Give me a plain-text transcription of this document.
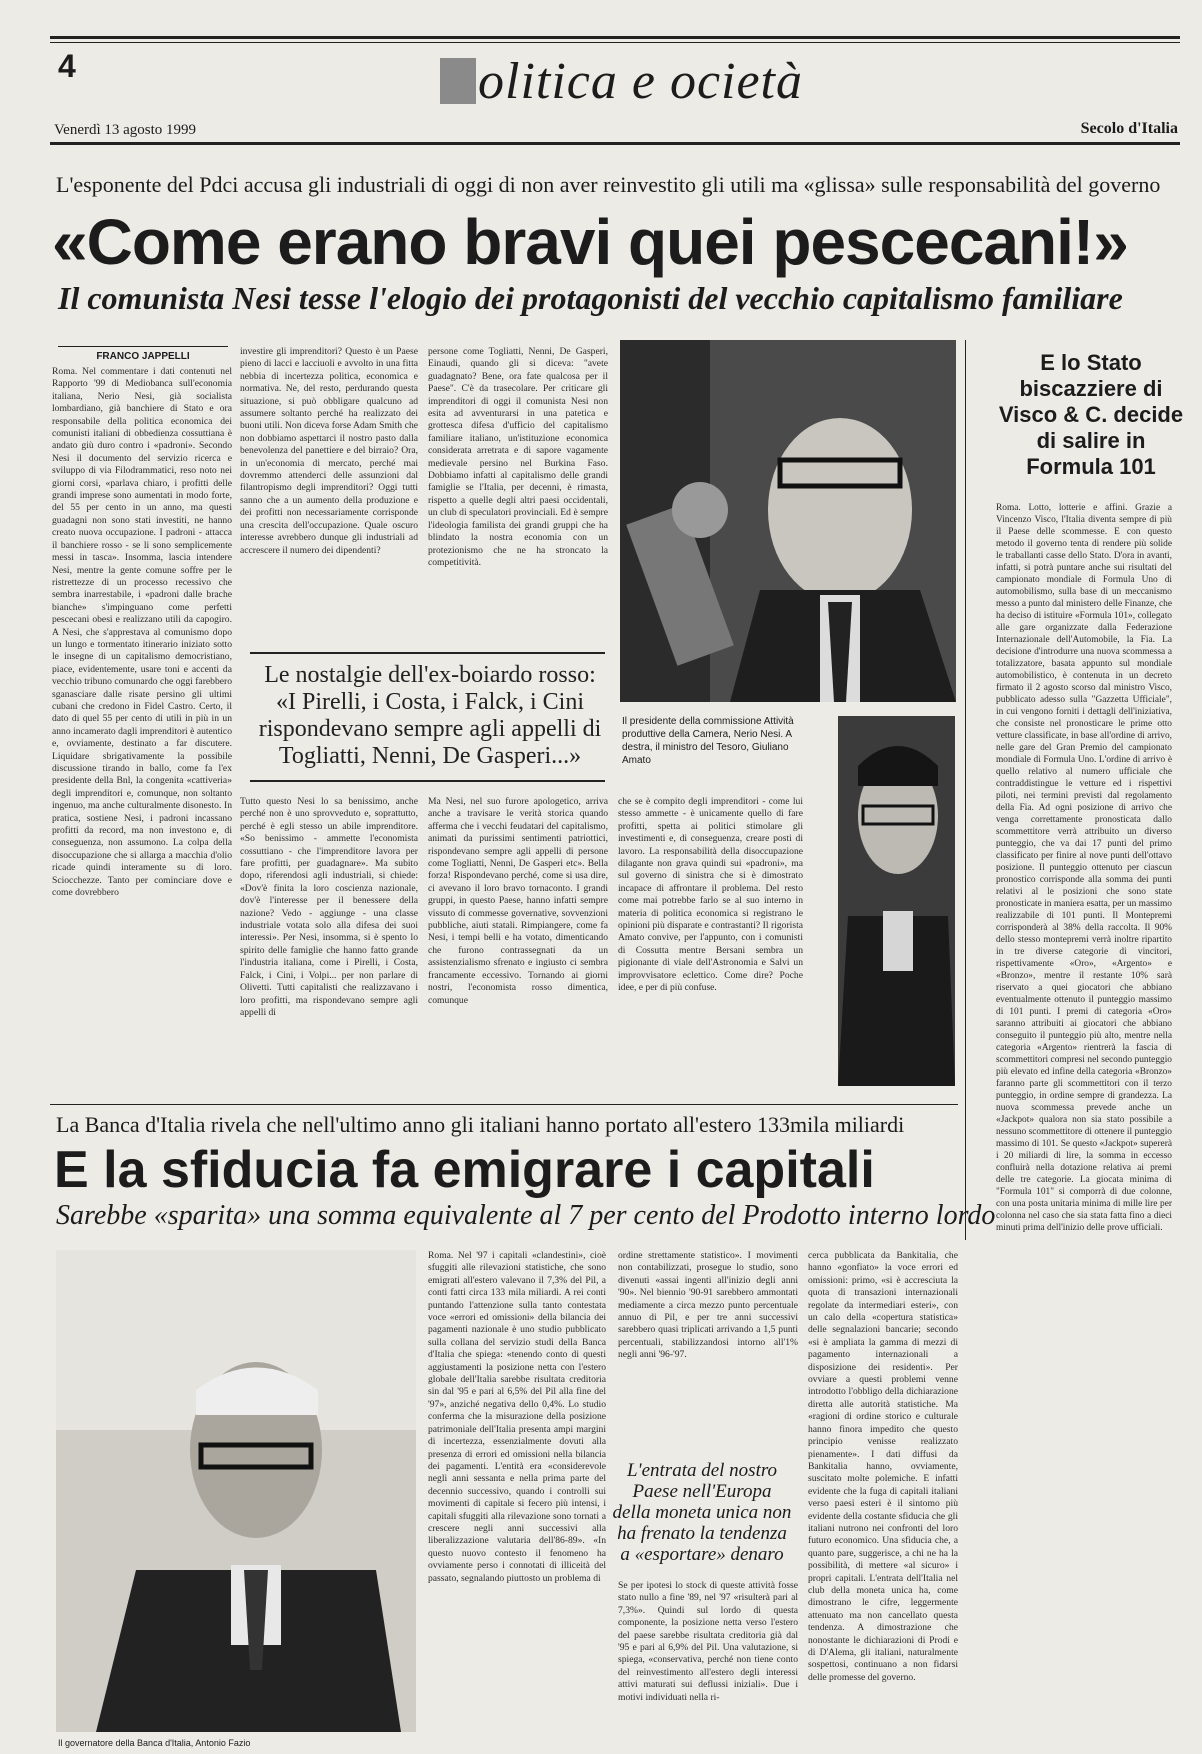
4	olitica e ocietà
Venerdì 13 agosto 1999	Secolo d'Italia
L'esponente del Pdci accusa gli industriali di oggi di non aver reinvestito gli utili ma «glissa» sulle responsabilità del governo
«Come erano bravi quei pescecani!»
Il comunista Nesi tesse l'elogio dei protagonisti del vecchio capitalismo familiare
FRANCO JAPPELLI
Roma. Nel commentare i dati contenuti nel Rapporto '99 di Mediobanca sull'economia italiana, Nerio Nesi, già socialista lombardiano, già banchiere di Stato e ora responsabile della politica economica dei comunisti italiani di obbedienza cossuttiana è andato giù duro contro i «padroni». Secondo Nesi il documento del servizio ricerca e sviluppo di via Filodrammatici, reso noto nei giorni corsi, «parlava chiaro, i profitti delle grandi imprese sono aumentati in modo forte, del 55 per cento in un anno, ma questi guadagni non sono stati investiti, ne hanno creato nuova occupazione. I padroni - attacca il banchiere rosso - se li sono semplicemente messi in tasca». Insomma, lascia intendere Nesi, mentre la gente comune soffre per le ristrettezze di un processo recessivo che sembra inarrestabile, i «padroni dalle brache bianche» s'impinguano come perfetti pescecani obesi e realizzano utili da capogiro. A Nesi, che s'apprestava al comunismo dopo un lungo e tormentato itinerario iniziato sotto le insegne di un capitalismo democristiano, piace, evidentemente, usare toni e accenti da vecchio tribuno comunardo che oggi farebbero sganasciare dalle risate persino gli ultimi cubani che credono in Fidel Castro. Certo, il dato di quel 55 per cento di utili in più in un anno incamerato dagli imprenditori è autentico e, ovviamente, destinato a far discutere. Liquidare sbrigativamente la possibile discussione tirando in ballo, come fa l'ex presidente della Bnl, la congenita «cattiveria» degli imprenditori e, comunque, non soltanto ingenuo, ma anche culturalmente disonesto. In pratica, sostiene Nesi, i padroni incassano profitti da record, ma non investono e, di conseguenza, non assumono. La colpa della disoccupazione che si allarga a macchia d'olio ricade quindi interamente su di loro. Sciocchezze. Tanto per cominciare dove e come dovrebbero
investire gli imprenditori? Questo è un Paese pieno di lacci e lacciuoli e avvolto in una fitta nebbia di incertezza politica, economica e normativa. Ne, del resto, perdurando questa situazione, si può obbligare qualcuno ad assumere soltanto perché ha realizzato dei buoni utili. Non diceva forse Adam Smith che non dobbiamo aspettarci il nostro pasto dalla benevolenza del panettiere e del birraio? Ora, in un'economia di mercato, perché mai dovremmo attenderci delle assunzioni dal filantropismo degli imprenditori? Oggi tutti sanno che a un aumento della produzione e dei profitti non necessariamente corrisponde una crescita dell'occupazione. Quale oscuro interesse avrebbero dunque gli industriali ad accrescere il numero dei dipendenti?
persone come Togliatti, Nenni, De Gasperi, Einaudi, quando gli si diceva: "avete guadagnato? Bene, ora fate qualcosa per il Paese". C'è da trasecolare. Per criticare gli imprenditori di oggi il comunista Nesi non esita ad avventurarsi in una patetica e grottesca difesa d'ufficio del capitalismo familiare italiano, un'istituzione economica considerata arretrata e di sapore vagamente medievale persino nel Burkina Faso. Dobbiamo infatti al capitalismo delle grandi famiglie se l'Italia, per decenni, è rimasta, rispetto a quelle degli altri paesi occidentali, un club di speculatori provinciali. Ed è sempre l'ideologia familista dei grandi gruppi che ha blindato la nostra economia con un protezionismo che ne ha stroncato la competitività.
Le nostalgie dell'ex-boiardo rosso: «I Pirelli, i Costa, i Falck, i Cini rispondevano sempre agli appelli di Togliatti, Nenni, De Gasperi...»
Tutto questo Nesi lo sa benissimo, anche perché non è uno sprovveduto e, soprattutto, perché è egli stesso un abile imprenditore. «So benissimo - ammette l'economista cossuttiano - che l'imprenditore lavora per fare profitti, per guadagnare». Ma subito dopo, riferendosi agli industriali, si chiede: «Dov'è finita la loro coscienza nazionale, dov'è l'interesse per il benessere della nazione? Vedo - aggiunge - una classe industriale votata solo alla difesa dei suoi interessi». Per Nesi, insomma, si è spento lo spirito delle famiglie che hanno fatto grande l'industria italiana, come i Pirelli, i Costa, Falck, i Cini, i Volpi... per non parlare di Olivetti. Tutti capitalisti che realizzavano i loro profitti, ma rispondevano sempre agli appelli di
Ma Nesi, nel suo furore apologetico, arriva anche a travisare le verità storica quando afferma che i vecchi feudatari del capitalismo, animati da purissimi sentimenti patriottici, rispondevano sempre agli appelli di persone come Togliatti, Nenni, De Gasperi etc». Bella forza! Rispondevano perché, come si usa dire, ci avevano il loro bravo tornaconto. I grandi gruppi, in questo Paese, hanno infatti sempre vissuto di commesse governative, sovvenzioni pubbliche, aiuti statali. Rimpiangere, come fa Nesi, i tempi belli e ha votato, dimenticando che furono contrassegnati da un assistenzialismo sfrenato e ingiusto ci sembra francamente eccessivo. Tornando ai giorni nostri, l'economista rosso dimentica, comunque
che se è compito degli imprenditori - come lui stesso ammette - è unicamente quello di fare profitti, spetta ai politici stimolare gli investimenti e, di conseguenza, creare posti di lavoro. La responsabilità della disoccupazione dilagante non grava quindi sui «padroni», ma sul governo di sinistra che si è dimostrato incapace di affrontare il problema. Del resto come mai potrebbe farlo se al suo interno in materia di politica economica si registrano le opinioni più disparate e contrastanti? Il rigorista Amato convive, per l'appunto, con i comunisti di Cossutta mentre Bersani sembra un pigionante di viale dell'Astronomia e Salvi un improvvisatore eclettico. Come dire? Poche idee, e per di più confuse.
Il presidente della commissione Attività produttive della Camera, Nerio Nesi. A destra, il ministro del Tesoro, Giuliano Amato
E lo Stato biscazziere di Visco & C. decide di salire in Formula 101
Roma. Lotto, lotterie e affini. Grazie a Vincenzo Visco, l'Italia diventa sempre di più il Paese delle scommesse. E con questo metodo il governo tenta di rendere più solide le traballanti casse dello Stato. D'ora in avanti, infatti, si potrà puntare anche sui risultati del campionato mondiale di Formula Uno di automobilismo, sulla base di un meccanismo messo a punto dal ministero delle Finanze, che ha deciso di istituire «Formula 101», collegato alle gare organizzate dalla Federazione Internazionale dell'Automobile, la Fia. La decisione d'introdurre una nuova scommessa a totalizzatore, basata appunto sul mondiale automobilistico, è contenuta in un decreto firmato il 2 agosto scorso dal ministro Visco, pubblicato adesso sulla "Gazzetta Ufficiale", in cui vengono forniti i dettagli dell'iniziativa, che consiste nel pronosticare le prime otto vetture classificate, in base all'ordine di arrivo, nelle gare del Gran Premio del campionato mondiale di Formula Uno. L'ordine di arrivo è quello relativo al numero ufficiale che contraddistingue le vetture ed i rispettivi piloti, nei termini previsti dal regolamento della Fia. Ad ogni posizione di arrivo che venga correttamente pronosticata dallo scommettitore verrà attribuito un diverso punteggio, che va dai 17 punti del primo classificato per finire al nove punti dell'ottavo posizione. Il punteggio ottenuto per ciascun pronostico corrisponde alla somma dei punti relativi al le posizioni che sono state pronosticate in maniera esatta, per un massimo realizzabile di 101 punti. Il Montepremi corrisponderà al 38% della raccolta. Il 90% dello stesso montepremi verrà inoltre ripartito in tre diverse categorie di vincitori, rispettivamente «Oro», «Argento» e «Bronzo», mentre il restante 10% sarà riservato a quei giocatori che abbiano eventualmente ottenuto il punteggio massimo di 101 punti. I premi di categoria «Oro» saranno attribuiti ai giocatori che abbiano conseguito il punteggio più alto, mentre nella categoria «Argento» rientrerà la fascia di scommettitori compresi nel secondo punteggio più elevato ed infine della categoria «Bronzo» faranno parte gli scommettitori con il terzo punteggio, in ordine sempre di grandezza. La nuova scommessa prevede anche un «Jackpot» qualora non sia stato possibile a nessuno scommettitore di ottenere il punteggio massimo di 101. Se questo «Jackpot» supererà i 20 miliardi di lire, la somma in eccesso confluirà nella dotazione relativa ai premi delle tre categorie. La giocata minima di "Formula 101" si comporrà di due colonne, con una posta unitaria minima di mille lire per colonna nel caso che sia stata fatta fino a dieci minuti prima dell'inizio delle prove ufficiali.
La Banca d'Italia rivela che nell'ultimo anno gli italiani hanno portato all'estero 133mila miliardi
E la sfiducia fa emigrare i capitali
Sarebbe «sparita» una somma equivalente al 7 per cento del Prodotto interno lordo
Il governatore della Banca d'Italia, Antonio Fazio
Roma. Nel '97 i capitali «clandestini», cioè sfuggiti alle rilevazioni statistiche, che sono emigrati all'estero valevano il 7,3% del Pil, a conti fatti circa 133 mila miliardi. A rei conti puntando l'attenzione sulla tanto contestata voce «errori ed omissioni» della bilancia dei pagamenti nazionale è uno studio pubblicato sulla collana del servizio studi della Banca d'Italia che spiega: «tenendo conto di questi aggiustamenti la posizione netta con l'estero globale dell'Italia sarebbe risultata creditoria sin dal '95 e pari al 6,5% del Pil alla fine del '97», anziché negativa dello 0,4%. Lo studio conferma che la misurazione della posizione patrimoniale dell'Italia presenta ampi margini di incertezza, essenzialmente dovuti alla presenza di errori ed omissioni nella bilancia dei pagamenti. L'entità era «considerevole negli anni sessanta e nella prima parte del decennio successivo, quando i controlli sui movimenti di capitale si fecero più intensi, i capitali sfuggiti alla rilevazione sono tornati a crescere negli anni successivi alla liberalizzazione valutaria dell'86-89». «In questo nuovo contesto il fenomeno ha ovviamente perso i connotati di illiceità del passato, segnalando piuttosto un problema di
ordine strettamente statistico». I movimenti non contabilizzati, prosegue lo studio, sono divenuti «assai ingenti all'inizio degli anni '90». Nel biennio '90-91 sarebbero ammontati mediamente a circa mezzo punto percentuale annuo di Pil, e per tre anni successivi sarebbero quasi triplicati arrivando a 1,5 punti percentuali, stabilizzandosi intorno all'1% negli anni '96-'97.
L'entrata del nostro Paese nell'Europa della moneta unica non ha frenato la tendenza a «esportare» denaro
Se per ipotesi lo stock di queste attività fosse stato nullo a fine '89, nel '97 «risulterà pari al 7,3%». Quindi sul lordo di questa componente, la posizione netta verso l'estero del paese sarebbe risultata creditoria già dal '95 e pari al 6,9% del Pil. Una valutazione, si spiega, «conservativa, perché non tiene conto del reinvestimento all'estero degli interessi attivi maturati sui deflussi iniziali». Due i motivi individuati nella ri-
cerca pubblicata da Bankitalia, che hanno «gonfiato» la voce errori ed omissioni: primo, «si è accresciuta la quota di transazioni internazionali regolate da intermediari esteri», con un calo della «copertura statistica» delle segnalazioni bancarie; secondo «si è ampliata la gamma di mezzi di pagamento internazionali a disposizione dei residenti». Per ovviare a questi problemi venne introdotto l'obbligo della dichiarazione diretta alle autorità statistiche. Ma «ragioni di ordine storico e culturale hanno finora impedito che questo principio venisse realizzato pienamente». I dati diffusi da Bankitalia hanno, ovviamente, suscitato molte polemiche. E infatti evidente che la fuga di capitali italiani verso paesi esteri è il sintomo più evidente della costante sfiducia che gli italiani nutrono nei confronti del loro futuro economico. Una sfiducia che, a quanto pare, suggerisce, a chi ne ha la possibilità, di mettere «al sicuro» i propri capitali. L'entrata dell'Italia nel club della moneta unica ha, come dimostrano le cifre, leggermente attenuato ma non cancellato questa tendenza. A dimostrazione che nonostante le dichiarazioni di Prodi e di D'Alema, gli italiani, naturalmente sospettosi, continuano a non fidarsi delle promesse del governo.
